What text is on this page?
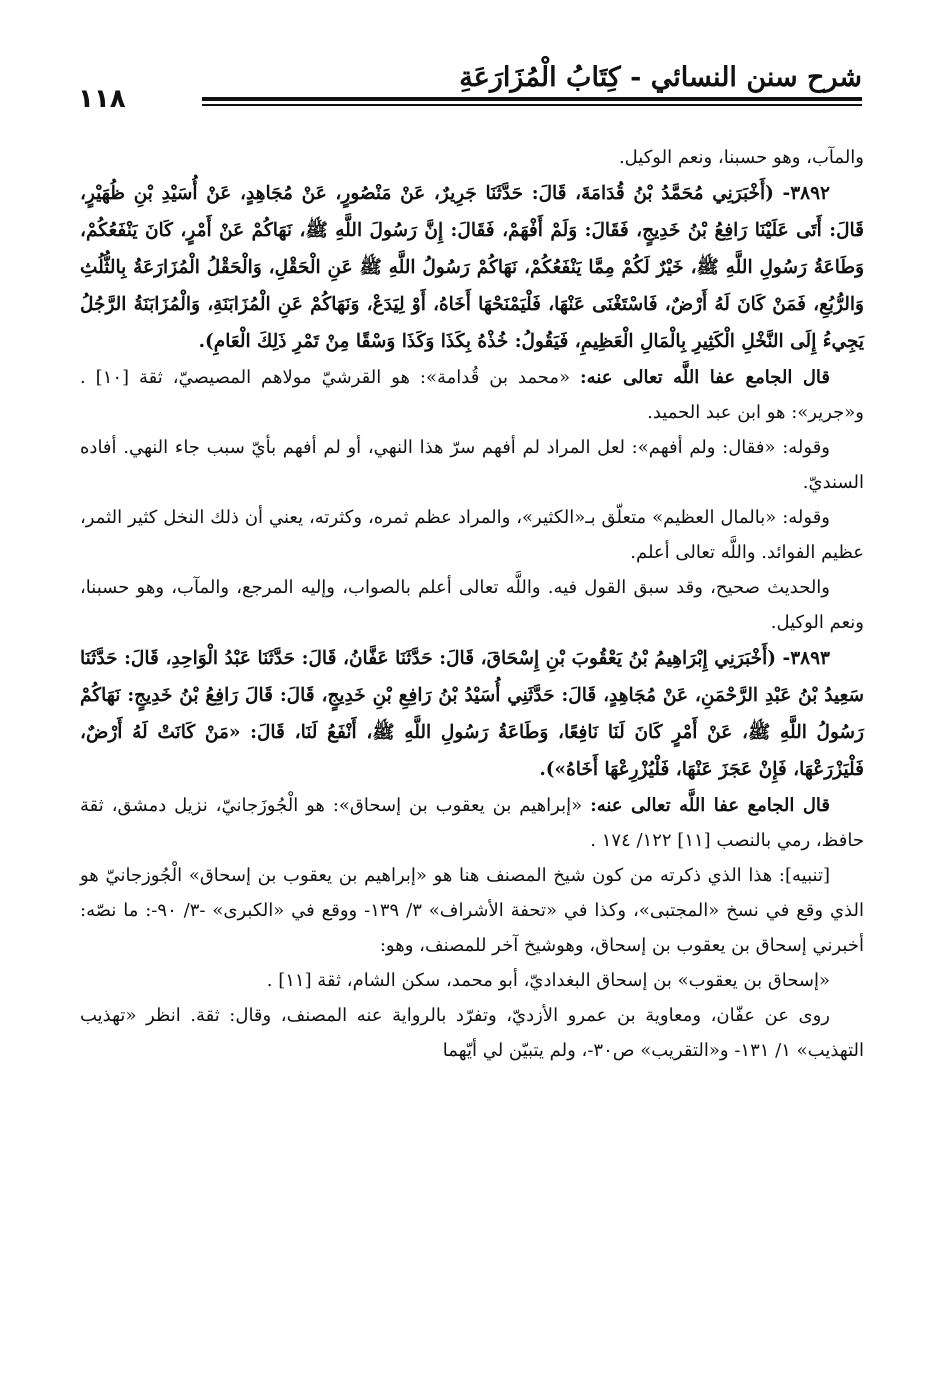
شرح سنن النسائي - كِتَابُ الْمُزَارَعَةِ
١١٨

والمآب، وهو حسبنا، ونعم الوكيل.

٣٨٩٢- (أَخْبَرَنِي مُحَمَّدُ بْنُ قُدَامَةَ، قَالَ: حَدَّثَنَا جَرِيرٌ، عَنْ مَنْصُورٍ، عَنْ مُجَاهِدٍ، عَنْ أُسَيْدِ بْنِ ظُهَيْرٍ، قَالَ: أَتَى عَلَيْنَا رَافِعُ بْنُ خَدِيجٍ، فَقَالَ: وَلَمْ أَفْهَمْ، فَقَالَ: إِنَّ رَسُولَ اللَّهِ ﷺ، نَهَاكُمْ عَنْ أَمْرٍ، كَانَ يَنْفَعُكُمْ، وَطَاعَةُ رَسُولِ اللَّهِ ﷺ، خَيْرٌ لَكُمْ مِمَّا يَنْفَعُكُمْ، نَهَاكُمْ رَسُولُ اللَّهِ ﷺ عَنِ الْحَقْلِ، وَالْحَقْلُ الْمُزَارَعَةُ بِالثُّلُثِ وَالرُّبُعِ، فَمَنْ كَانَ لَهُ أَرْضٌ، فَاسْتَغْنَى عَنْهَا، فَلْيَمْنَحْهَا أَخَاهُ، أَوْ لِيَدَعْ، وَنَهَاكُمْ عَنِ الْمُزَابَنَةِ، وَالْمُزَابَنَةُ الرَّجُلُ يَجِيءُ إِلَى النَّخْلِ الْكَثِيرِ بِالْمَالِ الْعَظِيمِ، فَيَقُولُ: خُذْهُ بِكَذَا وَكَذَا وَسْقًا مِنْ تَمْرِ ذَلِكَ الْعَامِ).

قال الجامع عفا اللَّه تعالى عنه: «محمد بن قُدامة»: هو القرشيّ مولاهم المصيصيّ، ثقة [١٠] . و«جرير»: هو ابن عبد الحميد.

وقوله: «فقال: ولم أفهم»: لعل المراد لم أفهم سرّ هذا النهي، أو لم أفهم بأيّ سبب جاء النهي. أفاده السنديّ.

وقوله: «بالمال العظيم» متعلّق بـ«الكثير»، والمراد عظم ثمره، وكثرته، يعني أن ذلك النخل كثير الثمر، عظيم الفوائد. واللَّه تعالى أعلم.

والحديث صحيح، وقد سبق القول فيه. واللَّه تعالى أعلم بالصواب، وإليه المرجع، والمآب، وهو حسبنا، ونعم الوكيل.

٣٨٩٣- (أَخْبَرَنِي إِبْرَاهِيمُ بْنُ يَعْقُوبَ بْنِ إِسْحَاقَ، قَالَ: حَدَّثَنَا عَفَّانُ، قَالَ: حَدَّثَنَا عَبْدُ الْوَاحِدِ، قَالَ: حَدَّثَنَا سَعِيدُ بْنُ عَبْدِ الرَّحْمَنِ، عَنْ مُجَاهِدٍ، قَالَ: حَدَّثَنِي أُسَيْدُ بْنُ رَافِعِ بْنِ خَدِيجٍ، قَالَ: قَالَ رَافِعُ بْنُ خَدِيجٍ: نَهَاكُمْ رَسُولُ اللَّهِ ﷺ، عَنْ أَمْرٍ كَانَ لَنَا نَافِعًا، وَطَاعَةُ رَسُولِ اللَّهِ ﷺ، أَنْفَعُ لَنَا، قَالَ: «مَنْ كَانَتْ لَهُ أَرْضٌ، فَلْيَزْرَعْهَا، فَإِنْ عَجَزَ عَنْهَا، فَلْيُزْرِعْهَا أَخَاهُ»).

قال الجامع عفا اللَّه تعالى عنه: «إبراهيم بن يعقوب بن إسحاق»: هو الْجُوزَجانيّ، نزيل دمشق، ثقة حافظ، رمي بالنصب [١١] ١٢٢/ ١٧٤ .

[تنبيه]: هذا الذي ذكرته من كون شيخ المصنف هنا هو «إبراهيم بن يعقوب بن إسحاق» الْجُوزجانيّ هو الذي وقع في نسخ «المجتبى»، وكذا في «تحفة الأشراف» ٣/ ١٣٩- ووقع في «الكبرى» -٣/ ٩٠-: ما نصّه: أخبرني إسحاق بن يعقوب بن إسحاق، وهوشيخ آخر للمصنف، وهو:

«إسحاق بن يعقوب» بن إسحاق البغداديّ، أبو محمد، سكن الشام، ثقة [١١] .

روى عن عفّان، ومعاوية بن عمرو الأزديّ، وتفرّد بالرواية عنه المصنف، وقال: ثقة. انظر «تهذيب التهذيب» ١/ ١٣١- و«التقريب» ص٣٠-، ولم يتبيّن لي أيّهما
